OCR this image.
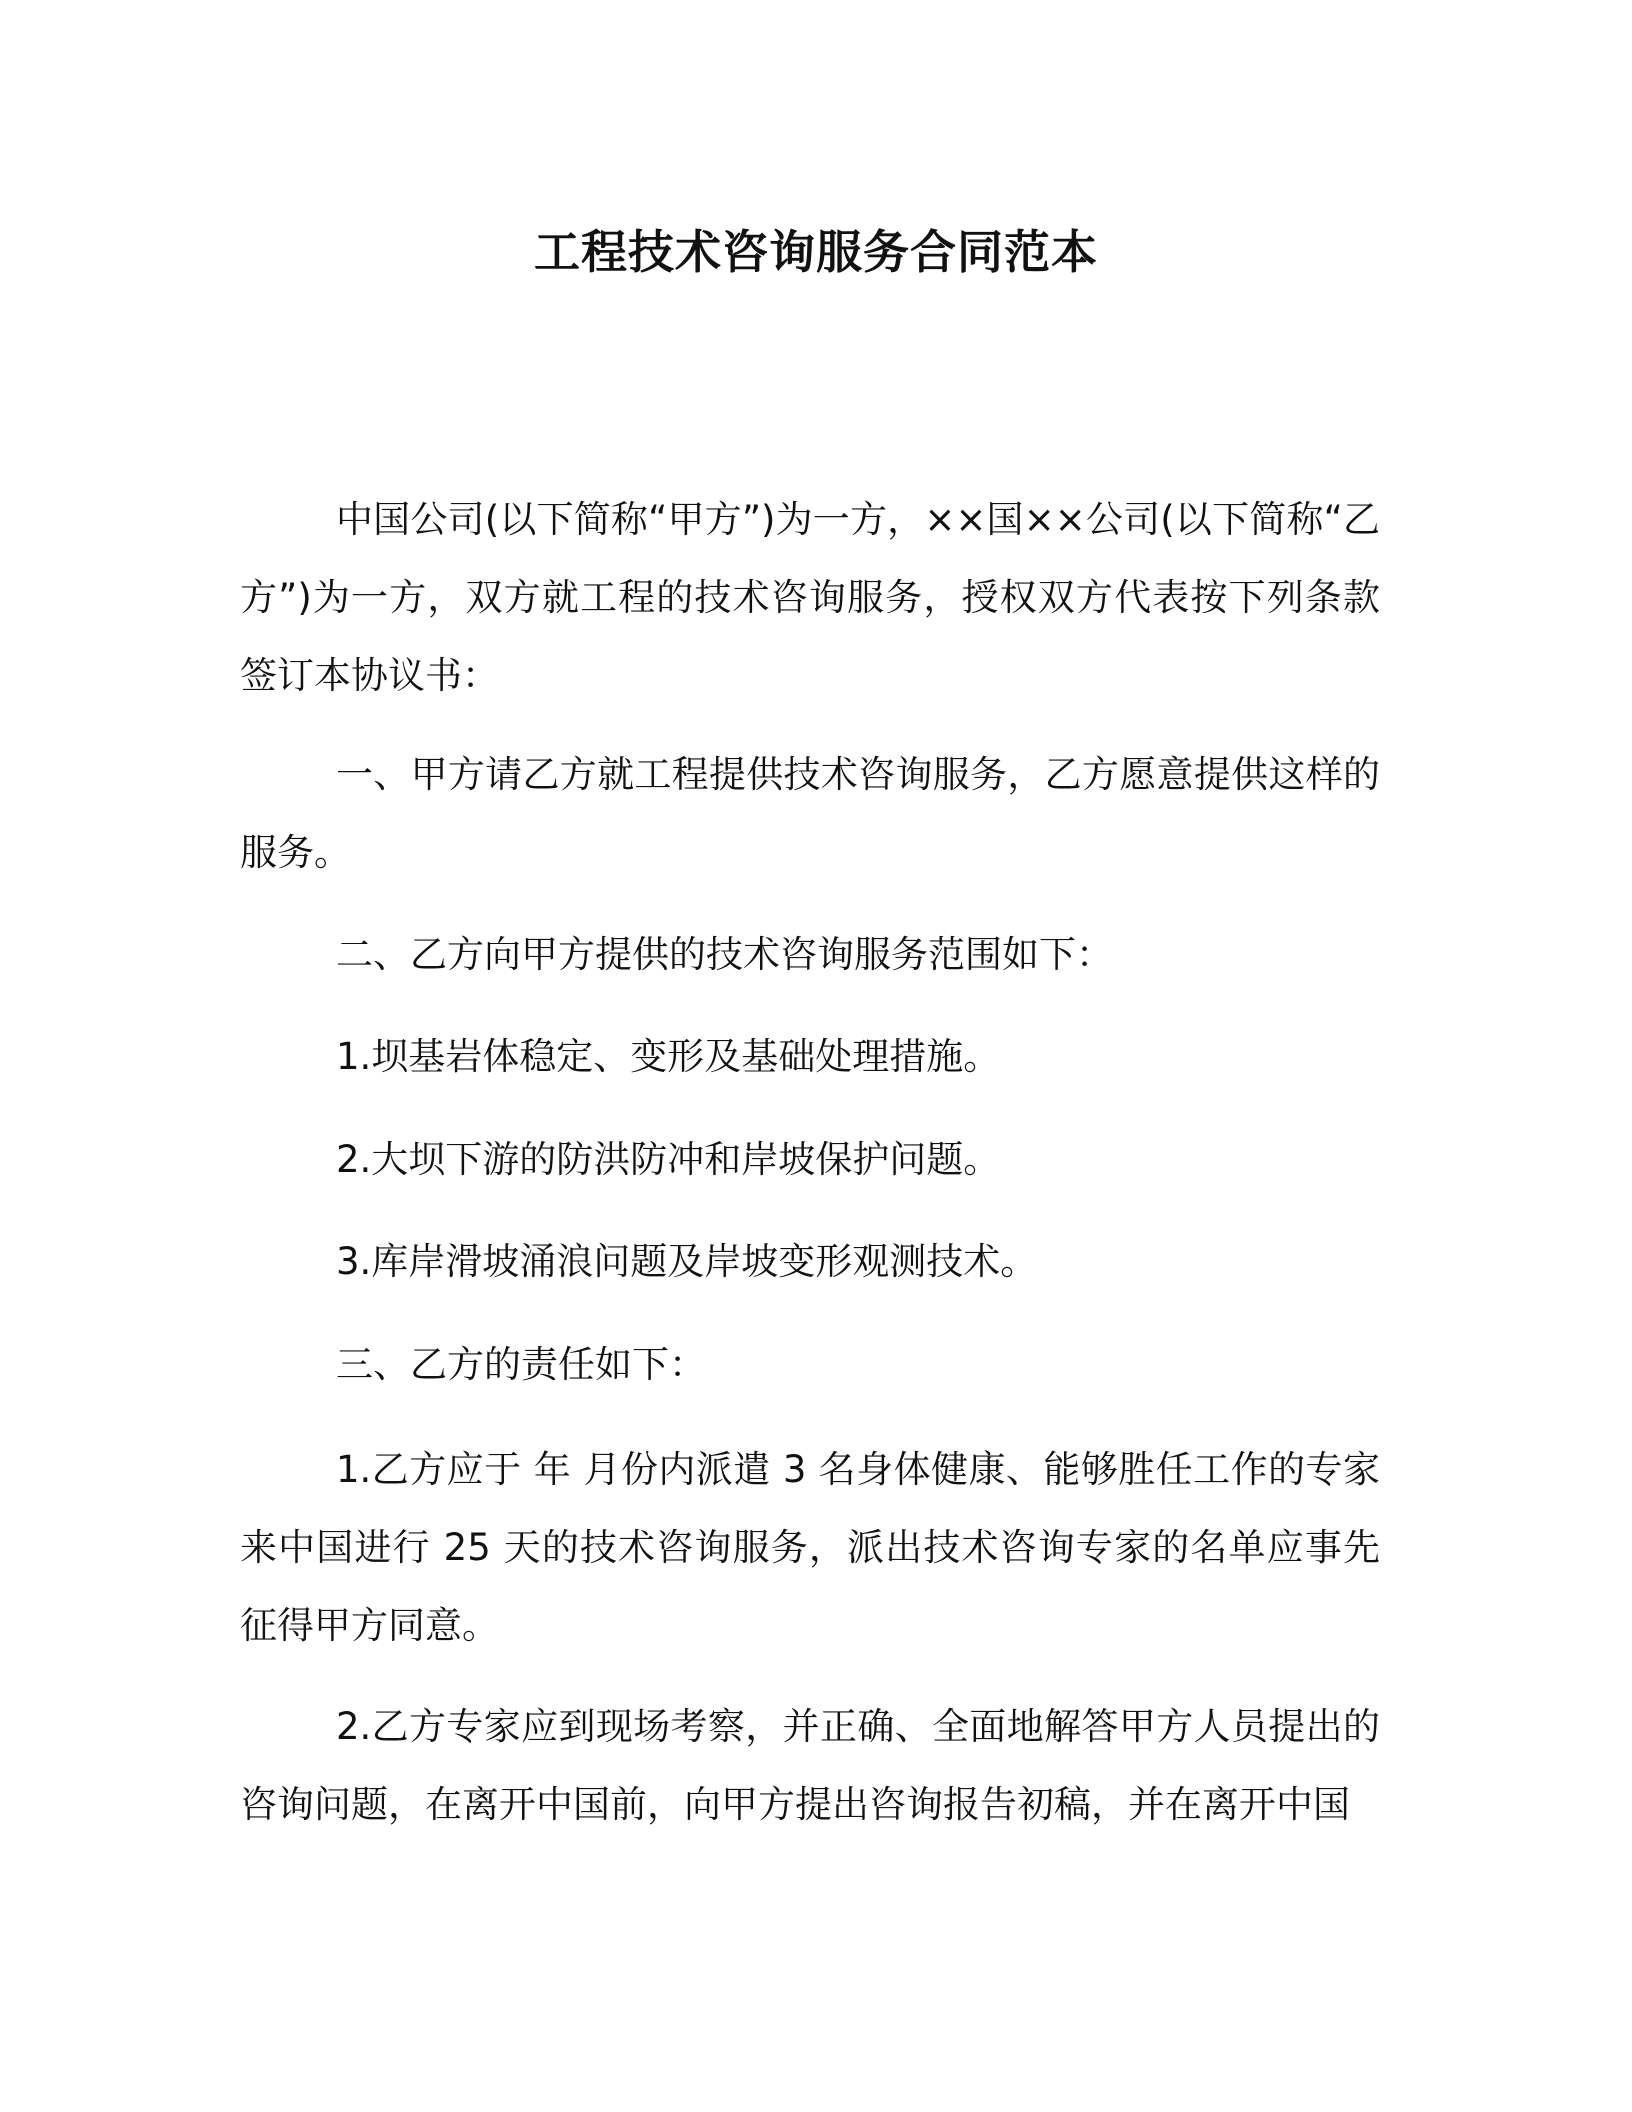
工程技术咨询服务合同范本

中国公司(以下简称“甲方”)为一方，××国××公司(以下简称“乙方”)为一方，双方就工程的技术咨询服务，授权双方代表按下列条款签订本协议书：

一、甲方请乙方就工程提供技术咨询服务，乙方愿意提供这样的服务。

二、乙方向甲方提供的技术咨询服务范围如下：

1.坝基岩体稳定、变形及基础处理措施。

2.大坝下游的防洪防冲和岸坡保护问题。

3.库岸滑坡涌浪问题及岸坡变形观测技术。

三、乙方的责任如下：

1.乙方应于 年 月份内派遣 3 名身体健康、能够胜任工作的专家来中国进行 25 天的技术咨询服务，派出技术咨询专家的名单应事先征得甲方同意。

2.乙方专家应到现场考察，并正确、全面地解答甲方人员提出的咨询问题，在离开中国前，向甲方提出咨询报告初稿，并在离开中国
